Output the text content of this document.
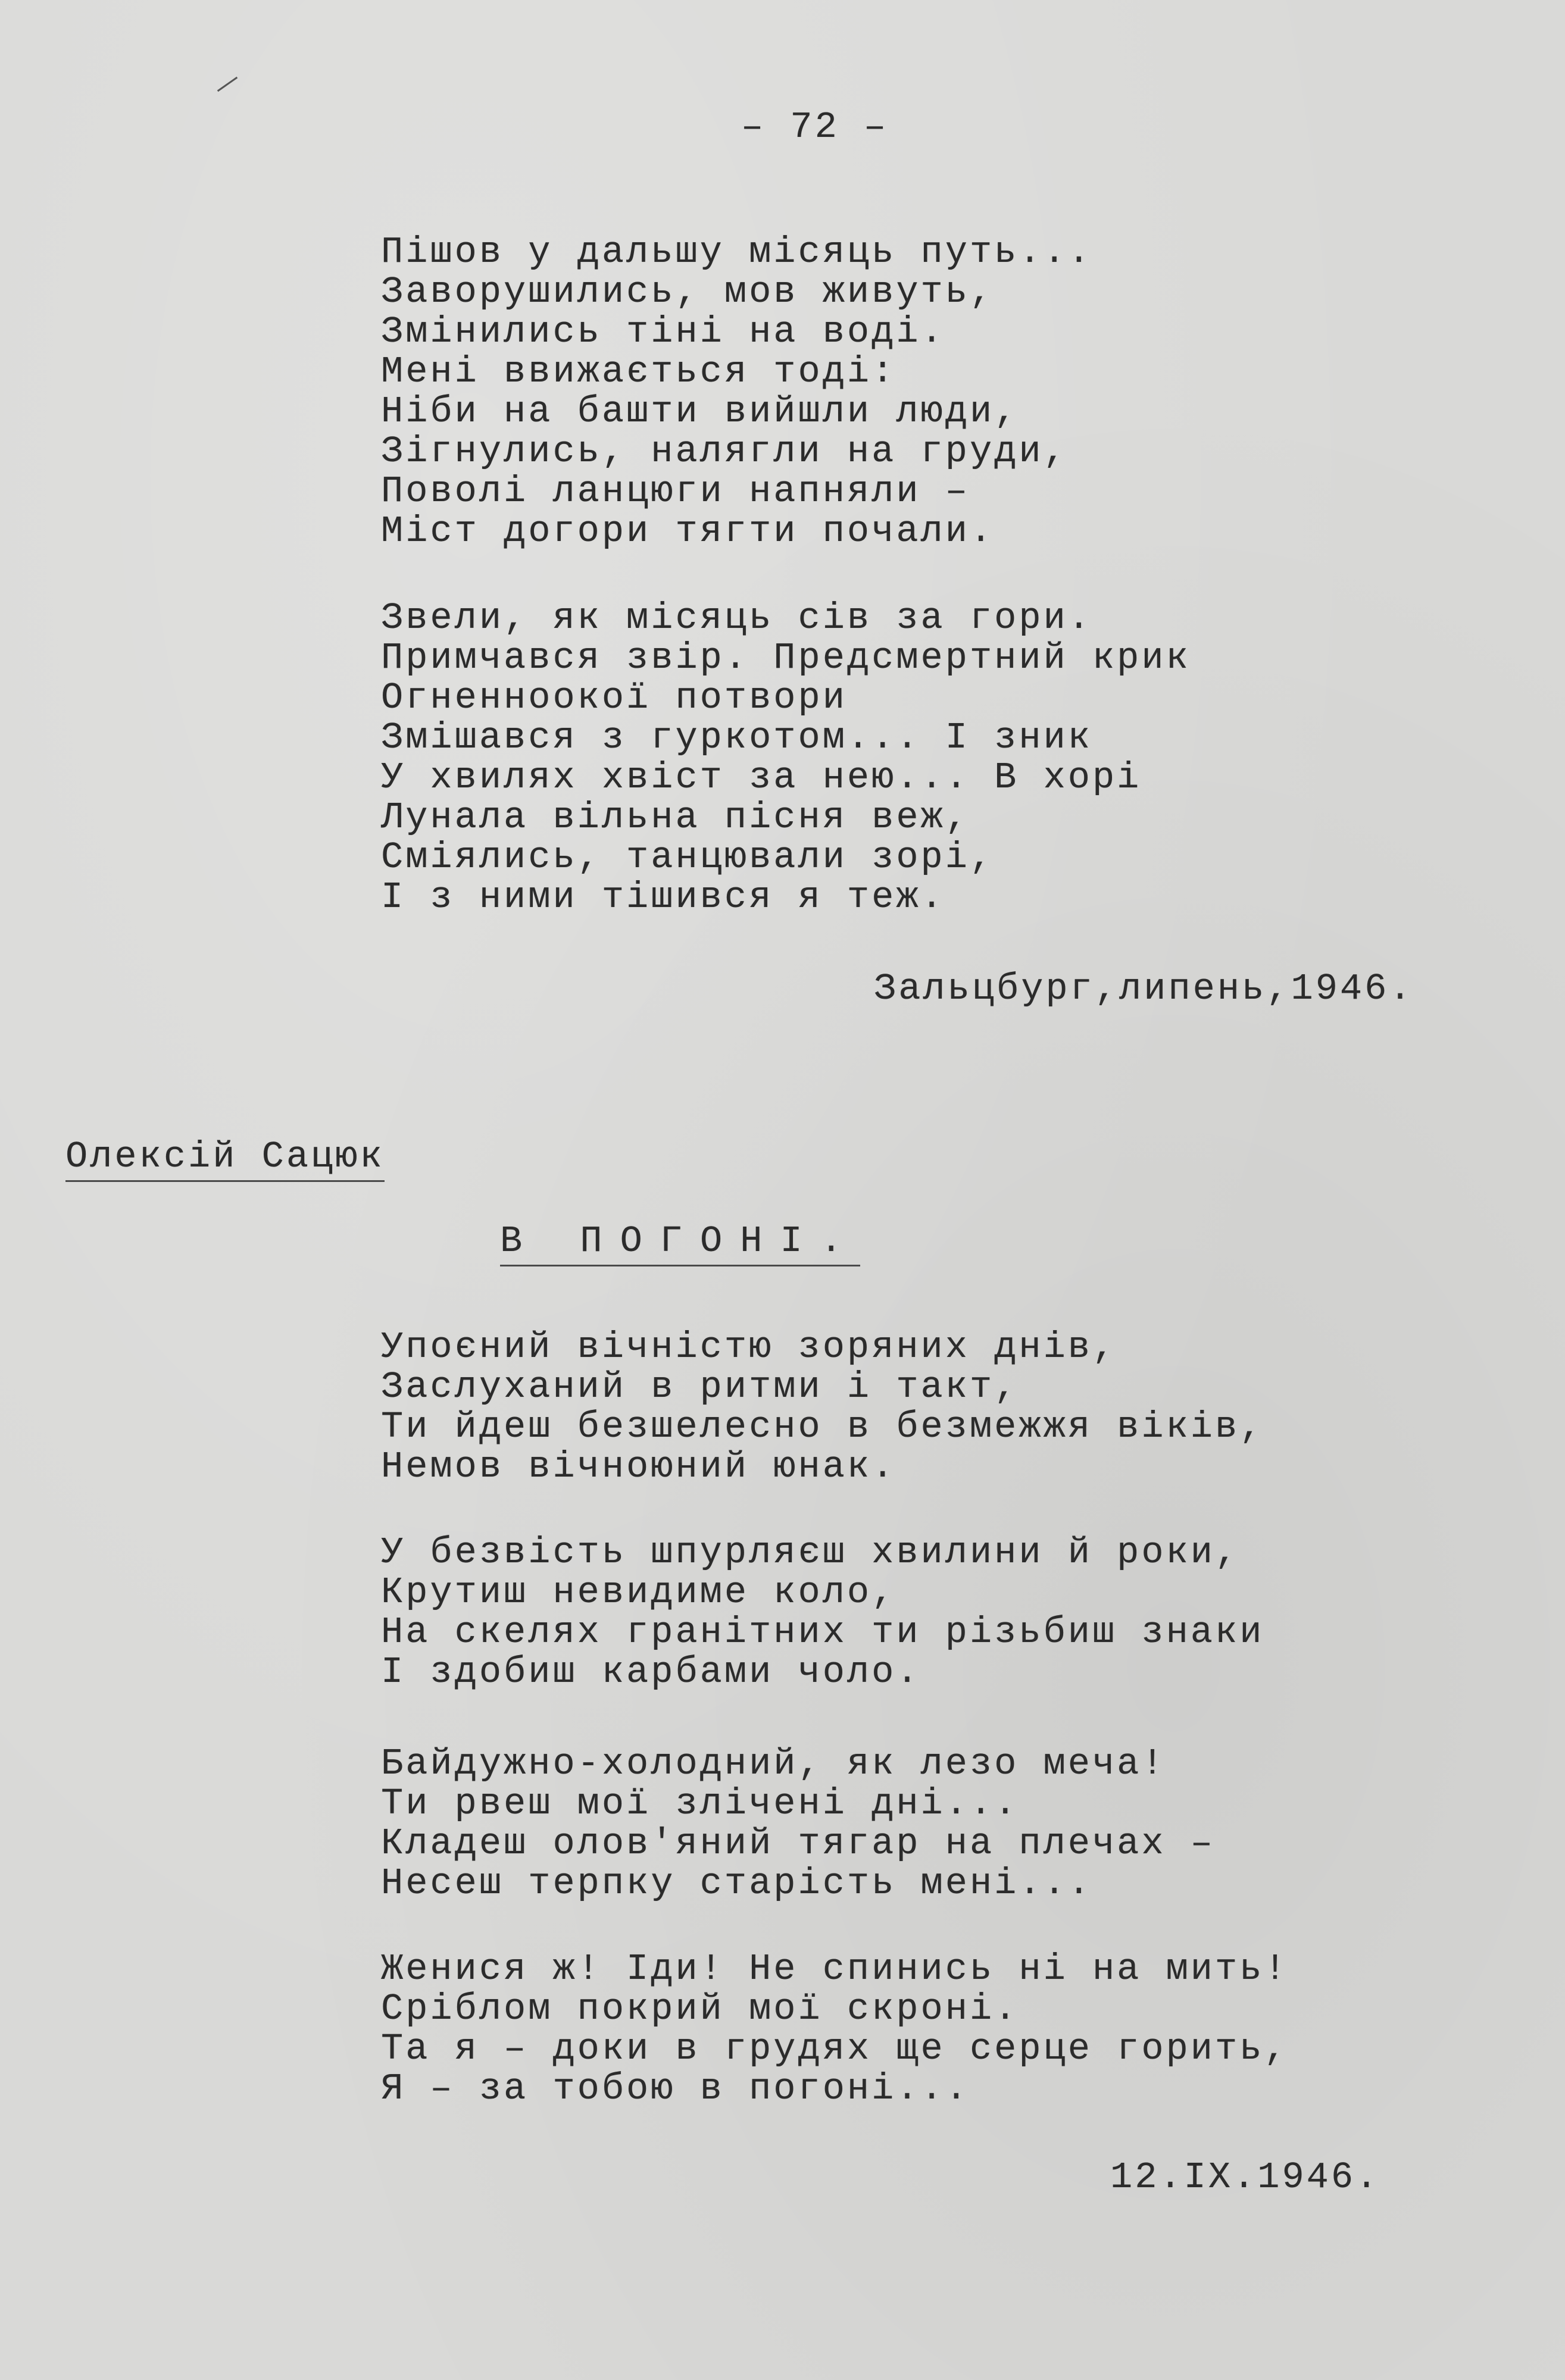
– 72 –
Пішов у дальшу місяць путь...
Заворушились, мов живуть,
Змінились тіні на воді.
Мені ввижається тоді:
Ніби на башти вийшли люди,
Зігнулись, налягли на груди,
Поволі ланцюги напняли –
Міст догори тягти почали.
Звели, як місяць сів за гори.
Примчався звір. Предсмертний крик
Огненноокої потвори
Змішався з гуркотом... І зник
У хвилях хвіст за нею... В хорі
Лунала вільна пісня веж,
Сміялись, танцювали зорі,
І з ними тішився я теж.
Зальцбург,липень,1946.
Олексій Сацюк
В ПОГОНІ.
Упоєний вічністю зоряних днів,
Заслуханий в ритми і такт,
Ти йдеш безшелесно в безмежжя віків,
Немов вічноюний юнак.
У безвість шпурляєш хвилини й роки,
Крутиш невидиме коло,
На скелях гранітних ти різьбиш знаки
І здобиш карбами чоло.
Байдужно-холодний, як лезо меча!
Ти рвеш мої злічені дні...
Кладеш олов'яний тягар на плечах –
Несеш терпку старість мені...
Женися ж! Іди! Не спинись ні на мить!
Сріблом покрий мої скроні.
Та я – доки в грудях ще серце горить,
Я – за тобою в погоні...
12.IX.1946.
